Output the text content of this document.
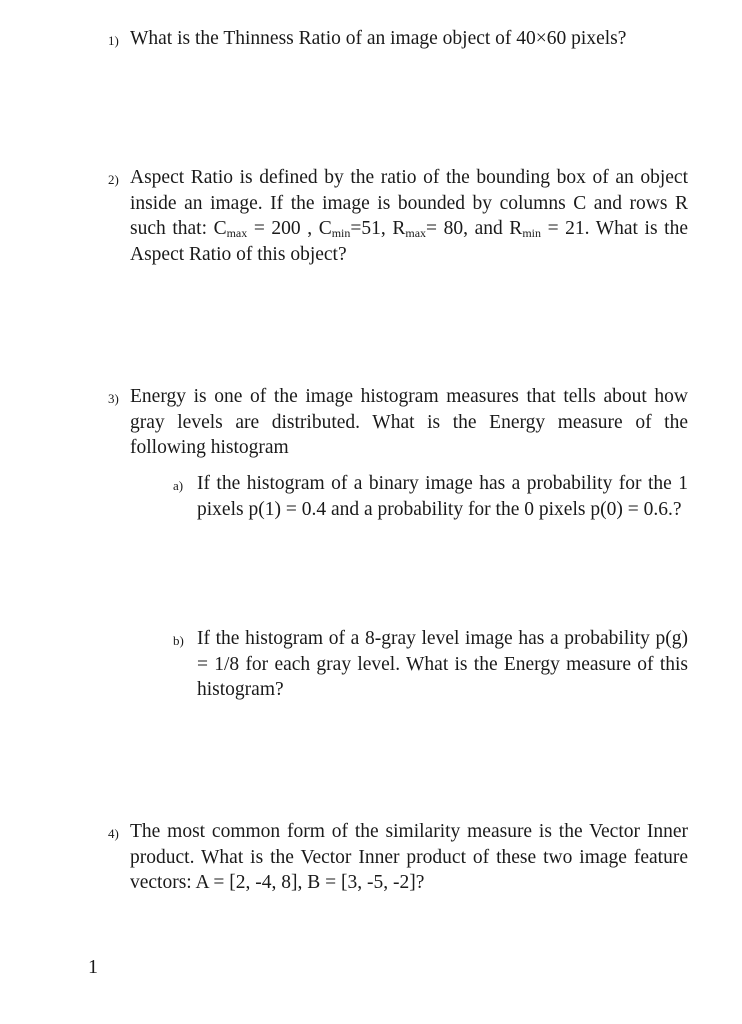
1) What is the Thinness Ratio of an image object of 40×60 pixels?
2) Aspect Ratio is defined by the ratio of the bounding box of an object inside an image. If the image is bounded by columns C and rows R such that: $C_{max} = 200$ , $C_{min}=51$, $R_{max}= 80$, and $R_{min} = 21$. What is the Aspect Ratio of this object?
3) Energy is one of the image histogram measures that tells about how gray levels are distributed. What is the Energy measure of the following histogram
a) If the histogram of a binary image has a probability for the 1 pixels p(1) = 0.4 and a probability for the 0 pixels p(0) = 0.6.?
b) If the histogram of a 8-gray level image has a probability p(g) = 1/8 for each gray level. What is the Energy measure of this histogram?
4) The most common form of the similarity measure is the Vector Inner product. What is the Vector Inner product of these two image feature vectors: A = [2, -4, 8], B = [3, -5, -2]?
1
